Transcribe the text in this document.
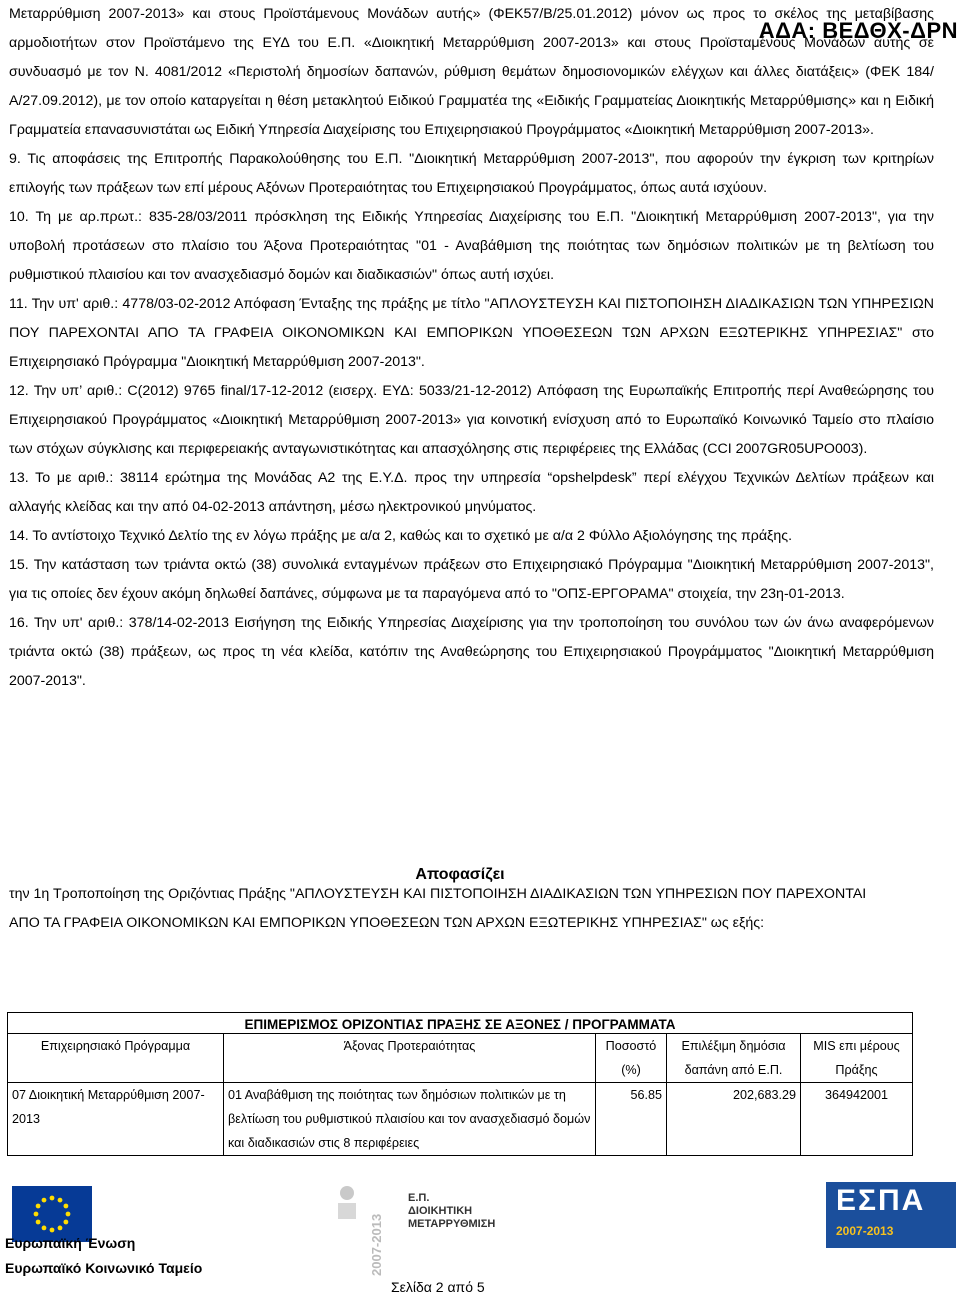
ΑΔΑ: ΒΕΔΘΧ-ΔΡΝ

Μεταρρύθμιση 2007-2013» και στους Προϊστάμενους Μονάδων αυτής» (ΦΕΚ57/Β/25.01.2012) μόνον ως προς το σκέλος της μεταβίβασης αρμοδιοτήτων στον Προϊστάμενο της ΕΥΔ του Ε.Π. «Διοικητική Μεταρρύθμιση 2007-2013» και στους Προϊσταμένους Μονάδων αυτής σε συνδυασμό με τον Ν. 4081/2012 «Περιστολή δημοσίων δαπανών, ρύθμιση θεμάτων δημοσιονομικών ελέγχων και άλλες διατάξεις» (ΦΕΚ 184/Α/27.09.2012), με τον οποίο καταργείται η θέση μετακλητού Ειδικού Γραμματέα της «Ειδικής Γραμματείας Διοικητικής Μεταρρύθμισης» και η Ειδική Γραμματεία επανασυνιστάται ως Ειδική Υπηρεσία Διαχείρισης του Επιχειρησιακού Προγράμματος «Διοικητική Μεταρρύθμιση 2007-2013».

9. Τις αποφάσεις της Επιτροπής Παρακολούθησης του Ε.Π. "Διοικητική Μεταρρύθμιση 2007-2013", που αφορούν την έγκριση των κριτηρίων επιλογής των πράξεων των επί μέρους Αξόνων Προτεραιότητας του Επιχειρησιακού Προγράμματος, όπως αυτά ισχύουν.

10. Τη με αρ.πρωτ.: 835-28/03/2011 πρόσκληση της Ειδικής Υπηρεσίας Διαχείρισης του Ε.Π. "Διοικητική Μεταρρύθμιση 2007-2013", για την υποβολή προτάσεων στο πλαίσιο του Άξονα Προτεραιότητας "01 - Αναβάθμιση της ποιότητας των δημόσιων πολιτικών με τη βελτίωση του ρυθμιστικού πλαισίου και τον ανασχεδιασμό δομών και διαδικασιών" όπως αυτή ισχύει.

11. Την υπ' αριθ.: 4778/03-02-2012 Απόφαση Ένταξης της πράξης με τίτλο "ΑΠΛΟΥΣΤΕΥΣΗ ΚΑΙ ΠΙΣΤΟΠΟΙΗΣΗ ΔΙΑΔΙΚΑΣΙΩΝ ΤΩΝ ΥΠΗΡΕΣΙΩΝ ΠΟΥ ΠΑΡΕΧΟΝΤΑΙ ΑΠΟ ΤΑ ΓΡΑΦΕΙΑ ΟΙΚΟΝΟΜΙΚΩΝ ΚΑΙ ΕΜΠΟΡΙΚΩΝ ΥΠΟΘΕΣΕΩΝ ΤΩΝ ΑΡΧΩΝ ΕΞΩΤΕΡΙΚΗΣ ΥΠΗΡΕΣΙΑΣ" στο Επιχειρησιακό Πρόγραμμα "Διοικητική Μεταρρύθμιση 2007-2013".

12. Την υπ’ αριθ.: C(2012) 9765 final/17-12-2012 (εισερχ. ΕΥΔ: 5033/21-12-2012) Απόφαση της Ευρωπαϊκής Επιτροπής περί Αναθεώρησης του Επιχειρησιακού Προγράμματος «Διοικητική Μεταρρύθμιση 2007-2013» για κοινοτική ενίσχυση από το Ευρωπαϊκό Κοινωνικό Ταμείο στο πλαίσιο των στόχων σύγκλισης και περιφερειακής ανταγωνιστικότητας και απασχόλησης στις περιφέρειες της Ελλάδας (CCI 2007GR05UPO003).

13. Το με αριθ.: 38114 ερώτημα της Μονάδας Α2 της Ε.Υ.Δ. προς την υπηρεσία “opshelpdesk” περί ελέγχου Τεχνικών Δελτίων πράξεων και αλλαγής κλείδας και την από 04-02-2013 απάντηση, μέσω ηλεκτρονικού μηνύματος.

14. Το αντίστοιχο Τεχνικό Δελτίο της εν λόγω πράξης με α/α 2, καθώς και το σχετικό με α/α 2 Φύλλο Αξιολόγησης της πράξης.

15. Την κατάσταση των τριάντα οκτώ (38) συνολικά ενταγμένων πράξεων στο Επιχειρησιακό Πρόγραμμα "Διοικητική Μεταρρύθμιση 2007-2013", για τις οποίες δεν έχουν ακόμη δηλωθεί δαπάνες, σύμφωνα με τα παραγόμενα από το "ΟΠΣ-ΕΡΓΟΡΑΜΑ" στοιχεία, την 23η-01-2013.

16. Την υπ' αριθ.: 378/14-02-2013 Εισήγηση της Ειδικής Υπηρεσίας Διαχείρισης για την τροποποίηση του συνόλου των ών άνω αναφερόμενων τριάντα οκτώ (38) πράξεων, ως προς τη νέα κλείδα, κατόπιν της Αναθεώρησης του Επιχειρησιακού Προγράμματος "Διοικητική Μεταρρύθμιση 2007-2013".

Αποφασίζει
την 1η Τροποποίηση της Οριζόντιας Πράξης "ΑΠΛΟΥΣΤΕΥΣΗ ΚΑΙ ΠΙΣΤΟΠΟΙΗΣΗ ΔΙΑΔΙΚΑΣΙΩΝ ΤΩΝ ΥΠΗΡΕΣΙΩΝ ΠΟΥ ΠΑΡΕΧΟΝΤΑΙ ΑΠΟ ΤΑ ΓΡΑΦΕΙΑ ΟΙΚΟΝΟΜΙΚΩΝ ΚΑΙ ΕΜΠΟΡΙΚΩΝ ΥΠΟΘΕΣΕΩΝ ΤΩΝ ΑΡΧΩΝ ΕΞΩΤΕΡΙΚΗΣ ΥΠΗΡΕΣΙΑΣ" ως εξής:
ΕΠΙΜΕΡΙΣΜΟΣ ΟΡΙΖΟΝΤΙΑΣ ΠΡΑΞΗΣ ΣΕ ΑΞΟΝΕΣ / ΠΡΟΓΡΑΜΜΑΤΑ				
Επιχειρησιακό Πρόγραμμα	Άξονας Προτεραιότητας	Ποσοστό (%)	Επιλέξιμη δημόσια δαπάνη από Ε.Π.	MIS επι μέρους Πράξης
07 Διοικητική Μεταρρύθμιση 2007-2013	01 Αναβάθμιση της ποιότητας των δημόσιων πολιτικών με τη βελτίωση του ρυθμιστικού πλαισίου και τον ανασχεδιασμό δομών και διαδικασιών στις 8 περιφέρειες	56.85	202,683.29	364942001
Ευρωπαϊκή Ένωση
Ευρωπαϊκό Κοινωνικό Ταμείο	2007-2013
Ε.Π.
ΔΙΟΙΚΗΤΙΚΗ
ΜΕΤΑΡΡΥΘΜΙΣΗ
ΕΣΠΑ
2007-2013
Σελίδα 2 από 5
